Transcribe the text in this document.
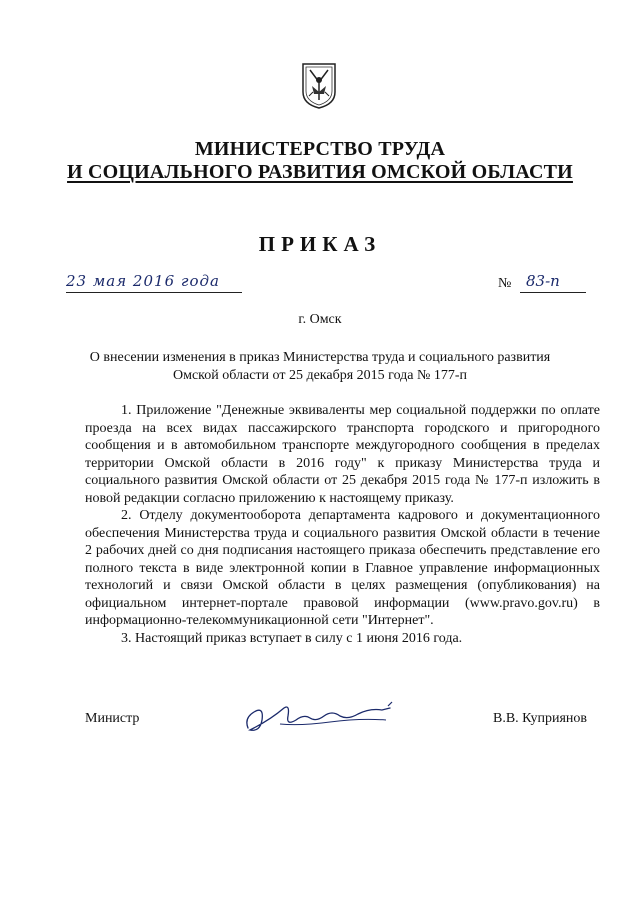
МИНИСТЕРСТВО ТРУДА
И СОЦИАЛЬНОГО РАЗВИТИЯ ОМСКОЙ ОБЛАСТИ
ПРИКАЗ
23 мая 2016 года	№ 83-п
г. Омск
О внесении изменения в приказ Министерства труда и социального развития
Омской области от 25 декабря 2015 года № 177-п

1. Приложение "Денежные эквиваленты мер социальной поддержки по оплате проезда на всех видах пассажирского транспорта городского и пригородного сообщения и в автомобильном транспорте междугородного сообщения в пределах территории Омской области в 2016 году" к приказу Министерства труда и социального развития Омской области от 25 декабря 2015 года № 177-п изложить в новой редакции согласно приложению к настоящему приказу.

2. Отделу документооборота департамента кадрового и документационного обеспечения Министерства труда и социального развития Омской области в течение 2 рабочих дней со дня подписания настоящего приказа обеспечить представление его полного текста в виде электронной копии в Главное управление информационных технологий и связи Омской области в целях размещения (опубликования) на официальном интернет-портале правовой информации (www.pravo.gov.ru) в информационно-телекоммуникационной сети "Интернет".

3. Настоящий приказ вступает в силу с 1 июня 2016 года.

Министр	В.В. Куприянов
